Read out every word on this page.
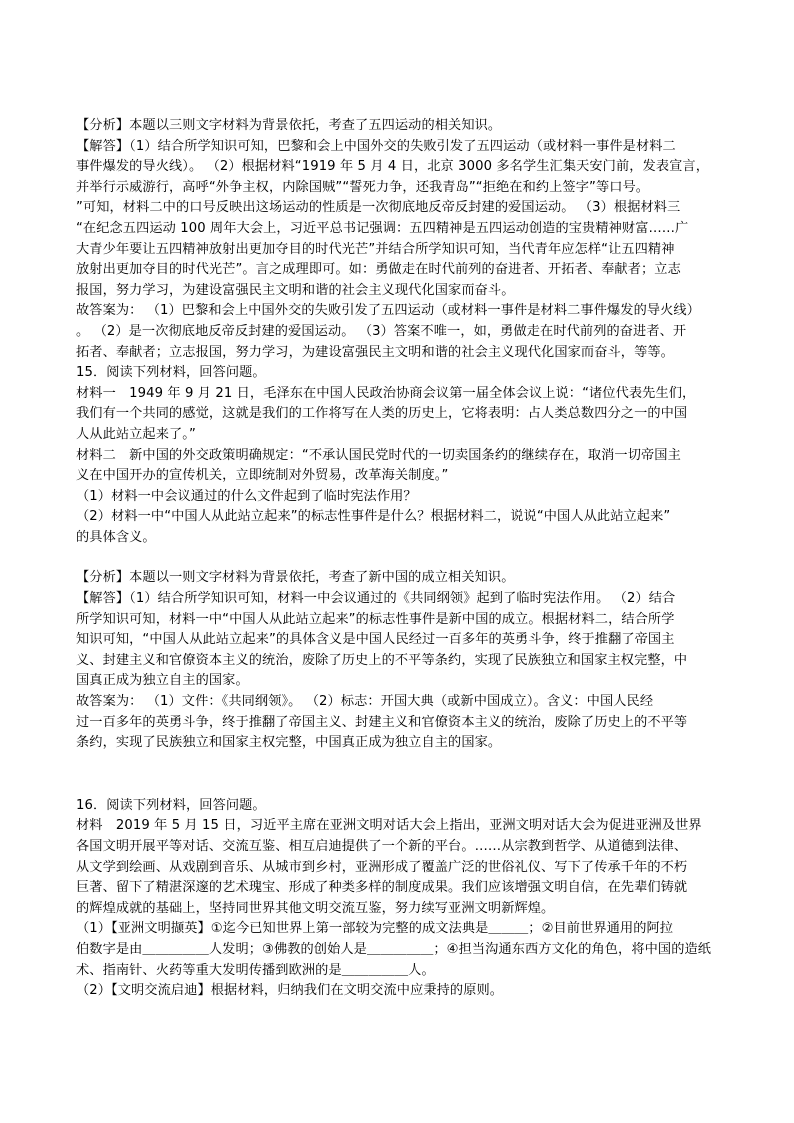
【分析】本题以三则文字材料为背景依托，考查了五四运动的相关知识。
【解答】（1）结合所学知识可知，巴黎和会上中国外交的失败引发了五四运动（或材料一事件是材料二
事件爆发的导火线）。 （2）根据材料“1919 年 5 月 4 日，北京 3000 多名学生汇集天安门前，发表宣言，
并举行示威游行，高呼“外争主权，内除国贼”“誓死力争，还我青岛”“拒绝在和约上签字”等口号。
”可知，材料二中的口号反映出这场运动的性质是一次彻底地反帝反封建的爱国运动。 （3）根据材料三
“在纪念五四运动 100 周年大会上，习近平总书记强调：五四精神是五四运动创造的宝贵精神财富……广
大青少年要让五四精神放射出更加夺目的时代光芒”并结合所学知识可知，当代青年应怎样“让五四精神
放射出更加夺目的时代光芒”。言之成理即可。如：勇做走在时代前列的奋进者、开拓者、奉献者；立志
报国，努力学习，为建设富强民主文明和谐的社会主义现代化国家而奋斗。
故答案为： （1）巴黎和会上中国外交的失败引发了五四运动（或材料一事件是材料二事件爆发的导火线）
。 （2）是一次彻底地反帝反封建的爱国运动。 （3）答案不唯一，如，勇做走在时代前列的奋进者、开
拓者、奉献者；立志报国，努力学习，为建设富强民主文明和谐的社会主义现代化国家而奋斗，等等。
15．阅读下列材料，回答问题。
材料一　1949 年 9 月 21 日，毛泽东在中国人民政治协商会议第一届全体会议上说：“诸位代表先生们，
我们有一个共同的感觉，这就是我们的工作将写在人类的历史上，它将表明：占人类总数四分之一的中国
人从此站立起来了。”
材料二　新中国的外交政策明确规定：“不承认国民党时代的一切卖国条约的继续存在，取消一切帝国主
义在中国开办的宣传机关，立即统制对外贸易，改革海关制度。”
（1）材料一中会议通过的什么文件起到了临时宪法作用？
（2）材料一中“中国人从此站立起来”的标志性事件是什么？根据材料二，说说“中国人从此站立起来”
的具体含义。
【分析】本题以一则文字材料为背景依托，考查了新中国的成立相关知识。
【解答】（1）结合所学知识可知，材料一中会议通过的《共同纲领》起到了临时宪法作用。 （2）结合
所学知识可知，材料一中“中国人从此站立起来”的标志性事件是新中国的成立。根据材料二，结合所学
知识可知，“中国人从此站立起来”的具体含义是中国人民经过一百多年的英勇斗争，终于推翻了帝国主
义、封建主义和官僚资本主义的统治，废除了历史上的不平等条约，实现了民族独立和国家主权完整，中
国真正成为独立自主的国家。
故答案为： （1）文件：《共同纲领》。 （2）标志：开国大典（或新中国成立）。含义：中国人民经
过一百多年的英勇斗争，终于推翻了帝国主义、封建主义和官僚资本主义的统治，废除了历史上的不平等
条约，实现了民族独立和国家主权完整，中国真正成为独立自主的国家。
16．阅读下列材料，回答问题。
材料　2019 年 5 月 15 日，习近平主席在亚洲文明对话大会上指出，亚洲文明对话大会为促进亚洲及世界
各国文明开展平等对话、交流互鉴、相互启迪提供了一个新的平台。……从宗教到哲学、从道德到法律、
从文学到绘画、从戏剧到音乐、从城市到乡村，亚洲形成了覆盖广泛的世俗礼仪、写下了传承千年的不朽
巨著、留下了精湛深邃的艺术瑰宝、形成了种类多样的制度成果。我们应该增强文明自信，在先辈们铸就
的辉煌成就的基础上，坚持同世界其他文明交流互鉴，努力续写亚洲文明新辉煌。
（1）【亚洲文明撷英】①迄今已知世界上第一部较为完整的成文法典是＿＿＿；②目前世界通用的阿拉
伯数字是由＿＿＿＿＿人发明；③佛教的创始人是＿＿＿＿＿；④担当沟通东西方文化的角色，将中国的造纸
术、指南针、火药等重大发明传播到欧洲的是＿＿＿＿＿人。
（2）【文明交流启迪】根据材料，归纳我们在文明交流中应秉持的原则。
